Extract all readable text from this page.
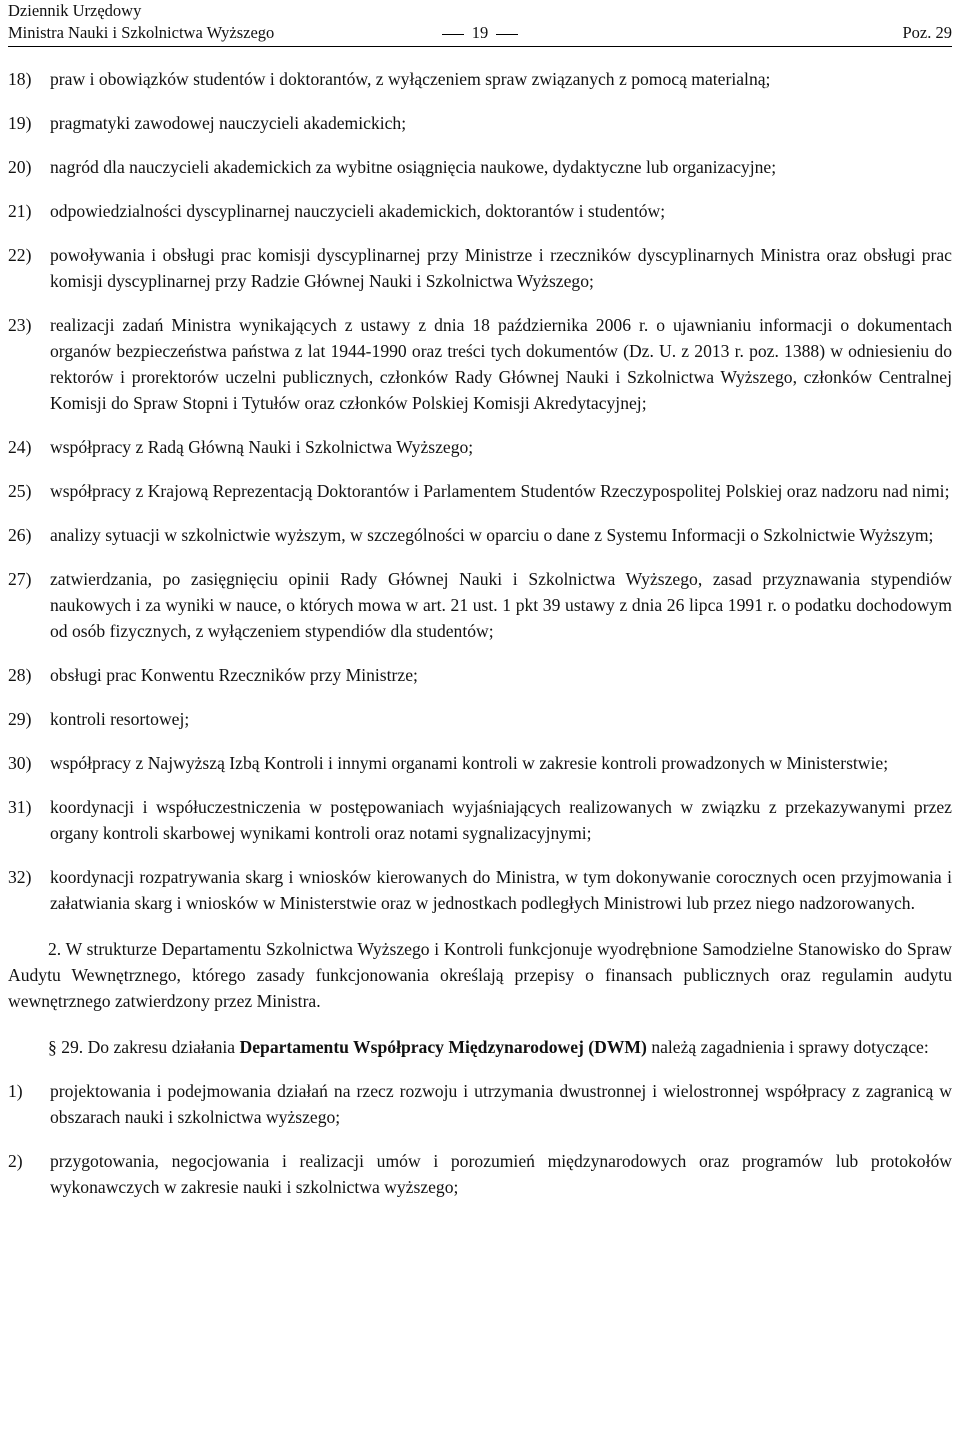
Dziennik Urzędowy
Ministra Nauki i Szkolnictwa Wyższego	19	Poz. 29
18)	praw i obowiązków studentów i doktorantów, z wyłączeniem spraw związanych z pomocą materialną;
19)	pragmatyki zawodowej nauczycieli akademickich;
20)	nagród dla nauczycieli akademickich za wybitne osiągnięcia naukowe, dydaktyczne lub organizacyjne;
21)	odpowiedzialności dyscyplinarnej nauczycieli akademickich, doktorantów i studentów;
22)	powoływania i obsługi prac komisji dyscyplinarnej przy Ministrze i rzeczników dyscyplinarnych Ministra oraz obsługi prac komisji dyscyplinarnej przy Radzie Głównej Nauki i Szkolnictwa Wyższego;
23)	realizacji zadań Ministra wynikających z ustawy z dnia 18 października 2006 r. o ujawnianiu informacji o dokumentach organów bezpieczeństwa państwa z lat 1944-1990 oraz treści tych dokumentów (Dz. U. z 2013 r. poz. 1388) w odniesieniu do rektorów i prorektorów uczelni publicznych, członków Rady Głównej Nauki i Szkolnictwa Wyższego, członków Centralnej Komisji do Spraw Stopni i Tytułów oraz członków Polskiej Komisji Akredytacyjnej;
24)	współpracy z Radą Główną Nauki i Szkolnictwa Wyższego;
25)	współpracy z Krajową Reprezentacją Doktorantów i Parlamentem Studentów Rzeczypospolitej Polskiej oraz nadzoru nad nimi;
26)	analizy sytuacji w szkolnictwie wyższym, w szczególności w oparciu o dane z Systemu Informacji o Szkolnictwie Wyższym;
27)	zatwierdzania, po zasięgnięciu opinii Rady Głównej Nauki i Szkolnictwa Wyższego, zasad przyznawania stypendiów naukowych i za wyniki w nauce, o których mowa w art. 21 ust. 1 pkt 39 ustawy z dnia 26 lipca 1991 r. o podatku dochodowym od osób fizycznych, z wyłączeniem stypendiów dla studentów;
28)	obsługi prac Konwentu Rzeczników przy Ministrze;
29)	kontroli resortowej;
30)	współpracy z Najwyższą Izbą Kontroli i innymi organami kontroli w zakresie kontroli prowadzonych w Ministerstwie;
31)	koordynacji i współuczestniczenia w postępowaniach wyjaśniających realizowanych w związku z przekazywanymi przez organy kontroli skarbowej wynikami kontroli oraz notami sygnalizacyjnymi;
32)	koordynacji rozpatrywania skarg i wniosków kierowanych do Ministra, w tym dokonywanie corocznych ocen przyjmowania i załatwiania skarg i wniosków w Ministerstwie oraz w jednostkach podległych Ministrowi lub przez niego nadzorowanych.
2. W strukturze Departamentu Szkolnictwa Wyższego i Kontroli funkcjonuje wyodrębnione Samodzielne Stanowisko do Spraw Audytu Wewnętrznego, którego zasady funkcjonowania określają przepisy o finansach publicznych oraz regulamin audytu wewnętrznego zatwierdzony przez Ministra.
§ 29. Do zakresu działania Departamentu Współpracy Międzynarodowej (DWM) należą zagadnienia i sprawy dotyczące:
1)	projektowania i podejmowania działań na rzecz rozwoju i utrzymania dwustronnej i wielostronnej współpracy z zagranicą w obszarach nauki i szkolnictwa wyższego;
2)	przygotowania, negocjowania i realizacji umów i porozumień międzynarodowych oraz programów lub protokołów wykonawczych w zakresie nauki i szkolnictwa wyższego;
